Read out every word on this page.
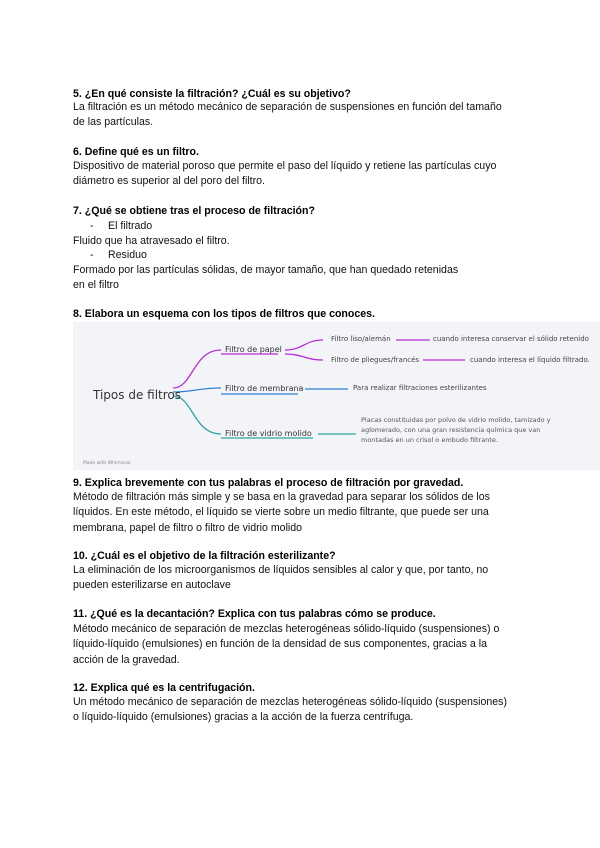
5. ¿En qué consiste la filtración? ¿Cuál es su objetivo?
La filtración es un método mecánico de separación de suspensiones en función del tamaño
de las partículas.
6. Define qué es un filtro.
Dispositivo de material poroso que permite el paso del líquido y retiene las partículas cuyo
diámetro es superior al del poro del filtro.
7. ¿Qué se obtiene tras el proceso de filtración?
- El filtrado
Fluido que ha atravesado el filtro.
- Residuo
Formado por las partículas sólidas, de mayor tamaño, que han quedado retenidas
en el filtro
8. Elabora un esquema con los tipos de filtros que conoces.
Tipos de filtros
Filtro de papel
Filtro liso/alemán	cuando interesa conservar el sólido retenido
Filtro de pliegues/francés	cuando interesa el líquido filtrado.
Filtro de membrana	Para realizar filtraciones esterilizantes
Filtro de vidrio molido
Placas constituidas por polvo de vidrio molido, tamizado y aglomerado, con una gran resistencia química que van montadas en un crisol o embudo filtrante.
Made with Whimsical
9. Explica brevemente con tus palabras el proceso de filtración por gravedad.
Método de filtración más simple y se basa en la gravedad para separar los sólidos de los
líquidos. En este método, el líquido se vierte sobre un medio filtrante, que puede ser una
membrana, papel de filtro o filtro de vidrio molido
10. ¿Cuál es el objetivo de la filtración esterilizante?
La eliminación de los microorganismos de líquidos sensibles al calor y que, por tanto, no
pueden esterilizarse en autoclave
11. ¿Qué es la decantación? Explica con tus palabras cómo se produce.
Método mecánico de separación de mezclas heterogéneas sólido-líquido (suspensiones) o
líquido-líquido (emulsiones) en función de la densidad de sus componentes, gracias a la
acción de la gravedad.
12. Explica qué es la centrifugación.
Un método mecánico de separación de mezclas heterogéneas sólido-líquido (suspensiones)
o líquido-líquido (emulsiones) gracias a la acción de la fuerza centrífuga.
